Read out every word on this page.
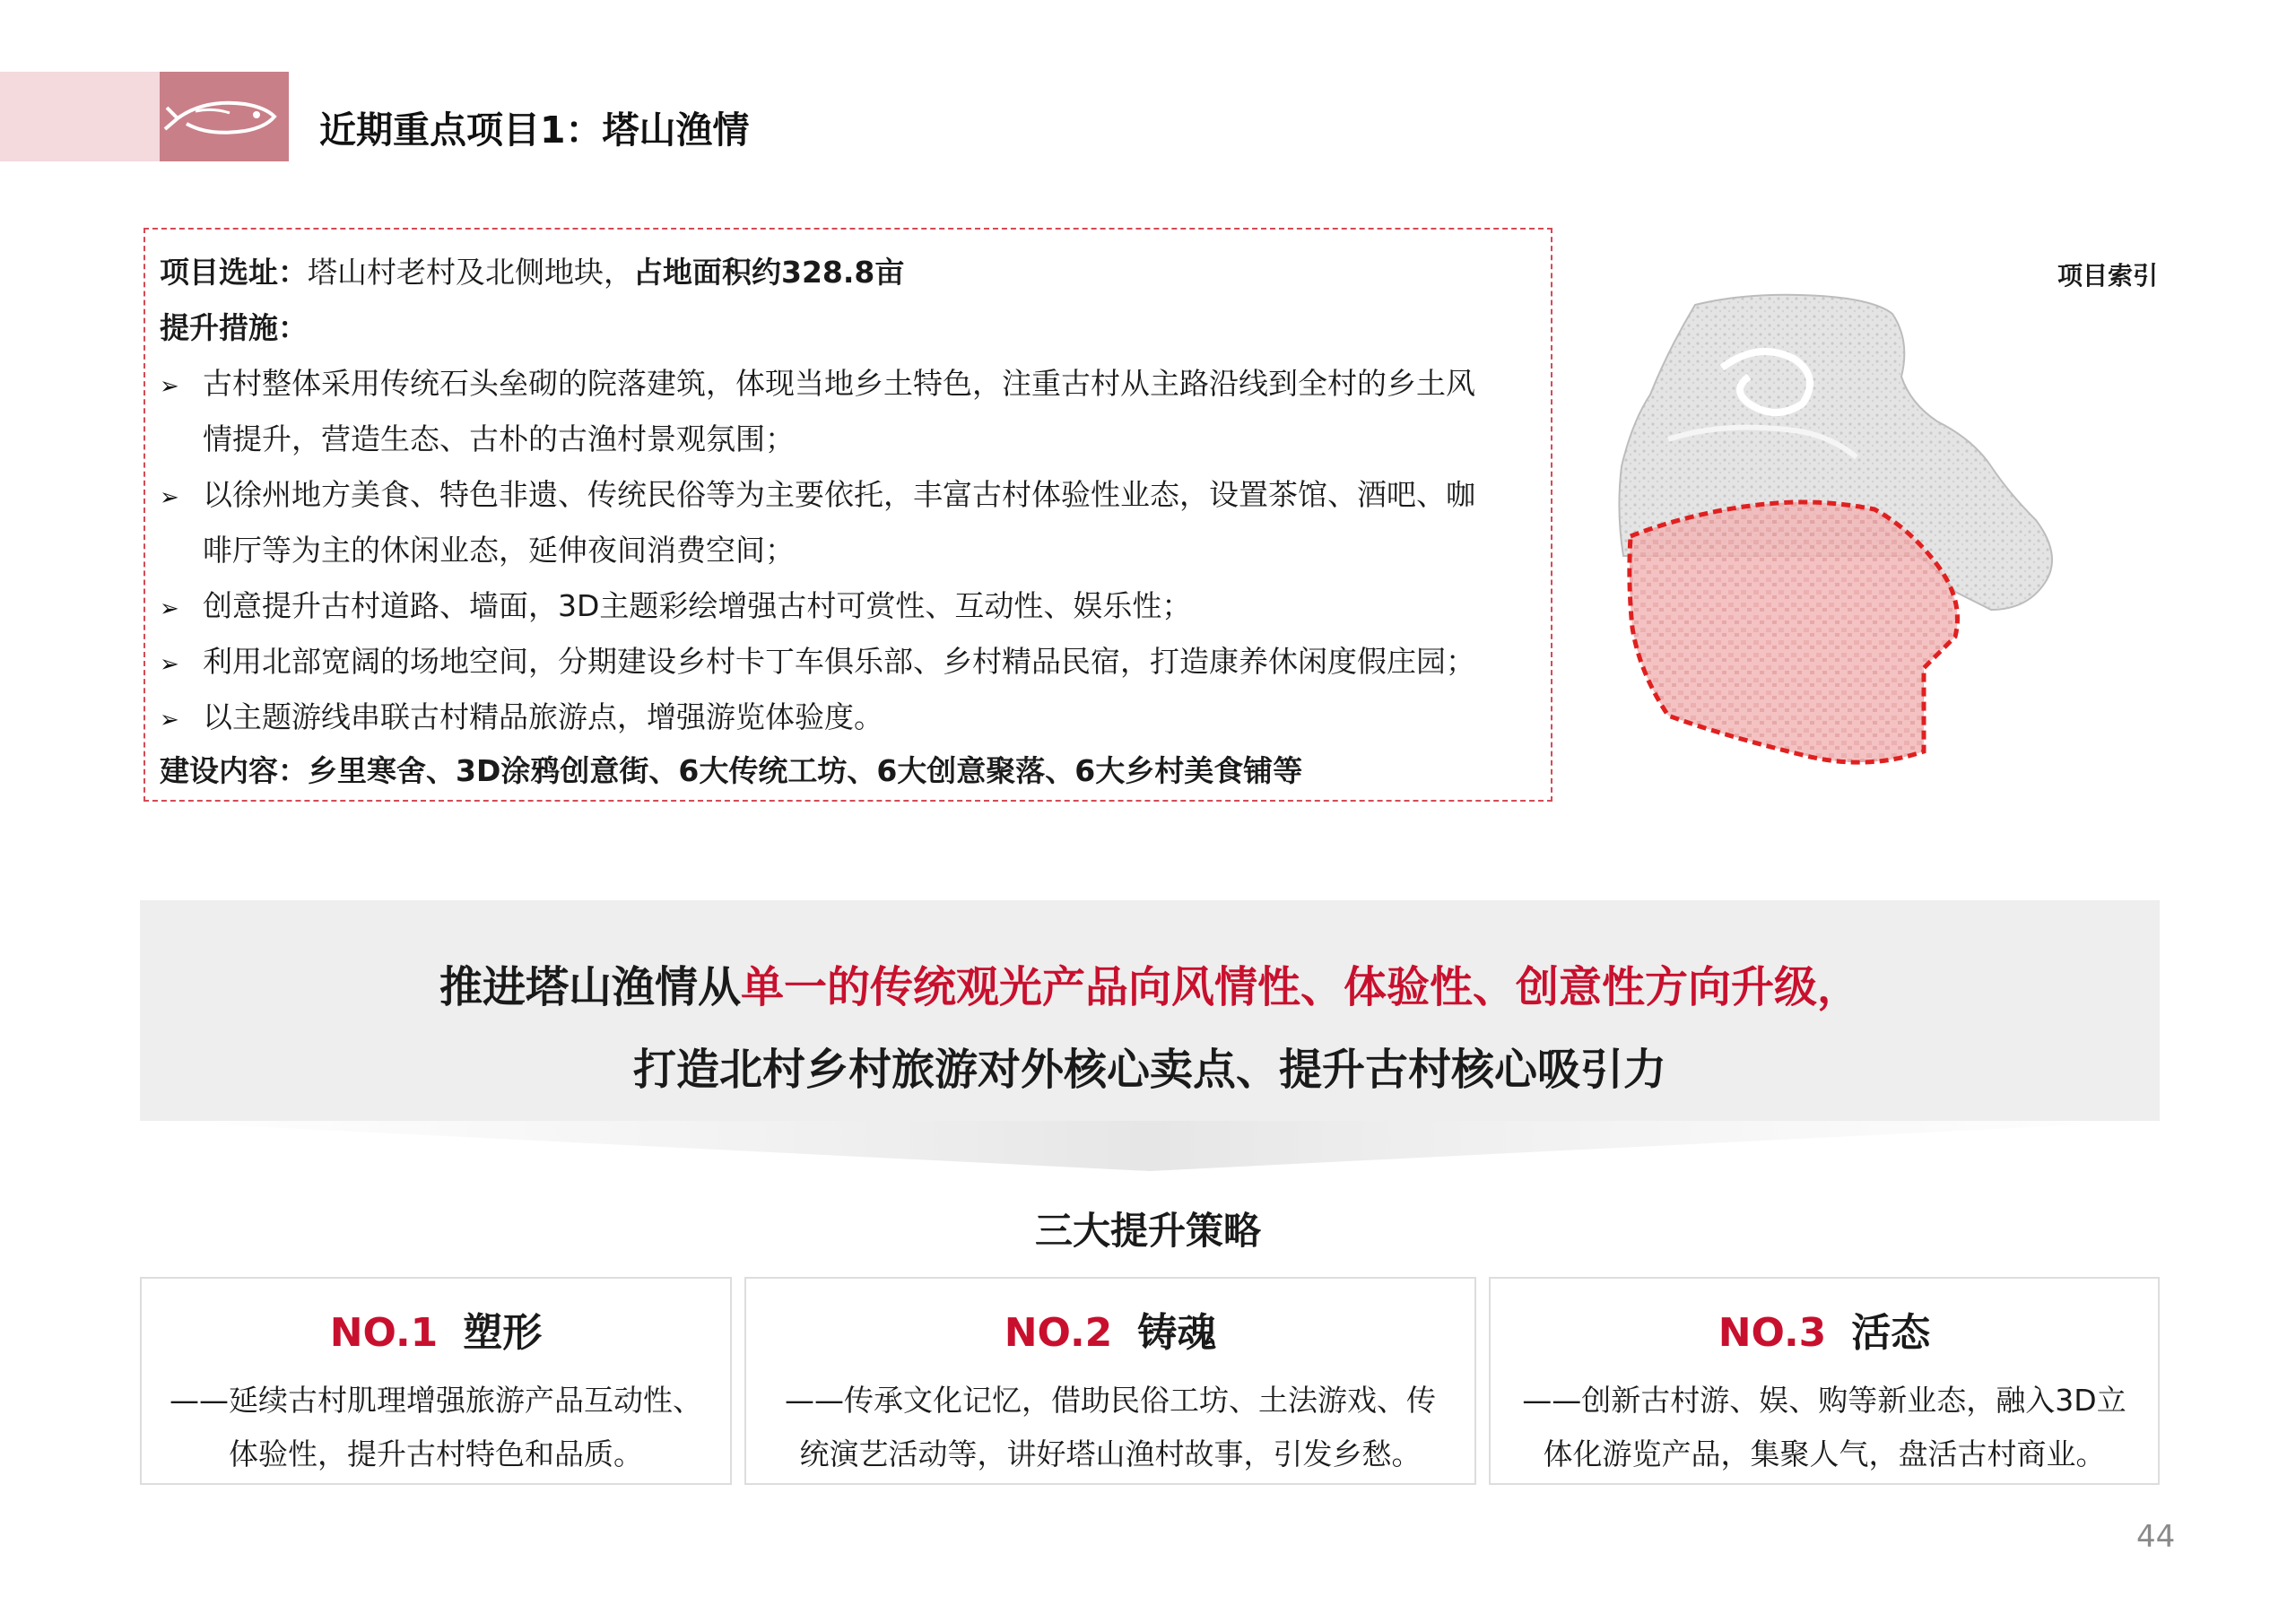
近期重点项目1：塔山渔情
项目选址：塔山村老村及北侧地块，占地面积约328.8亩
提升措施：
➢ 古村整体采用传统石头垒砌的院落建筑，体现当地乡土特色，注重古村从主路沿线到全村的乡土风
情提升，营造生态、古朴的古渔村景观氛围；
➢ 以徐州地方美食、特色非遗、传统民俗等为主要依托，丰富古村体验性业态，设置茶馆、酒吧、咖
啡厅等为主的休闲业态，延伸夜间消费空间；
➢ 创意提升古村道路、墙面，3D主题彩绘增强古村可赏性、互动性、娱乐性；
➢ 利用北部宽阔的场地空间，分期建设乡村卡丁车俱乐部、乡村精品民宿，打造康养休闲度假庄园；
➢ 以主题游线串联古村精品旅游点，增强游览体验度。
建设内容：乡里寒舍、3D涂鸦创意街、6大传统工坊、6大创意聚落、6大乡村美食铺等
项目索引
推进塔山渔情从单一的传统观光产品向风情性、体验性、创意性方向升级，
打造北村乡村旅游对外核心卖点、提升古村核心吸引力
三大提升策略
NO.1 塑形
——延续古村肌理增强旅游产品互动性、
体验性，提升古村特色和品质。
NO.2 铸魂
——传承文化记忆，借助民俗工坊、土法游戏、传
统演艺活动等，讲好塔山渔村故事，引发乡愁。
NO.3 活态
——创新古村游、娱、购等新业态，融入3D立
体化游览产品，集聚人气，盘活古村商业。
44
